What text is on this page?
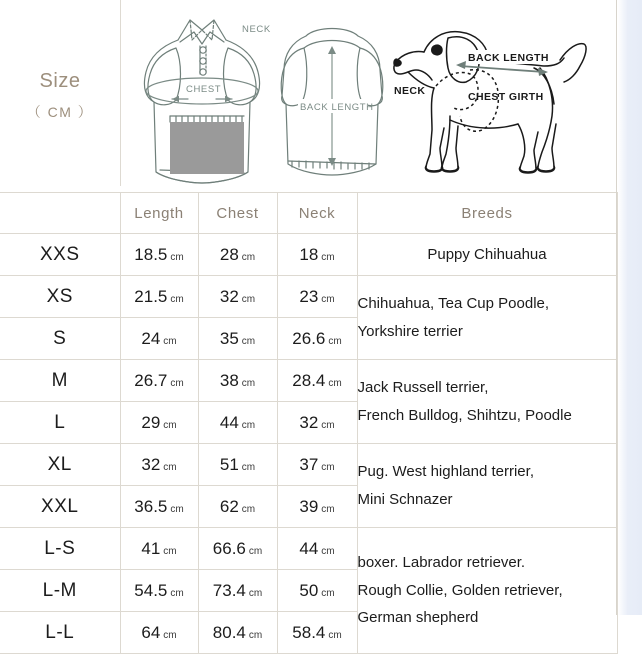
Size
（ CM ）
NECK
CHEST
BACK LENGTH
BACK LENGTH
NECK	CHEST GIRTH
	Length	Chest	Neck	Breeds
XXS	18.5 cm	28 cm	18 cm	Puppy Chihuahua

XS	21.5 cm	32 cm	23 cm	Chihuahua, Tea Cup Poodle,
Yorkshire terrier

S	24 cm	35 cm	26.6 cm	
M	26.7 cm	38 cm	28.4 cm	Jack Russell terrier,
French Bulldog, Shihtzu, Poodle

L	29 cm	44 cm	32 cm	
XL	32 cm	51 cm	37 cm	Pug. West highland terrier,
Mini Schnazer

XXL	36.5 cm	62 cm	39 cm	
L-S	41 cm	66.6 cm	44 cm	boxer. Labrador retriever.
Rough Collie, Golden retriever,
German shepherd

L-M	54.5 cm	73.4 cm	50 cm	
L-L	64 cm	80.4 cm	58.4 cm	
